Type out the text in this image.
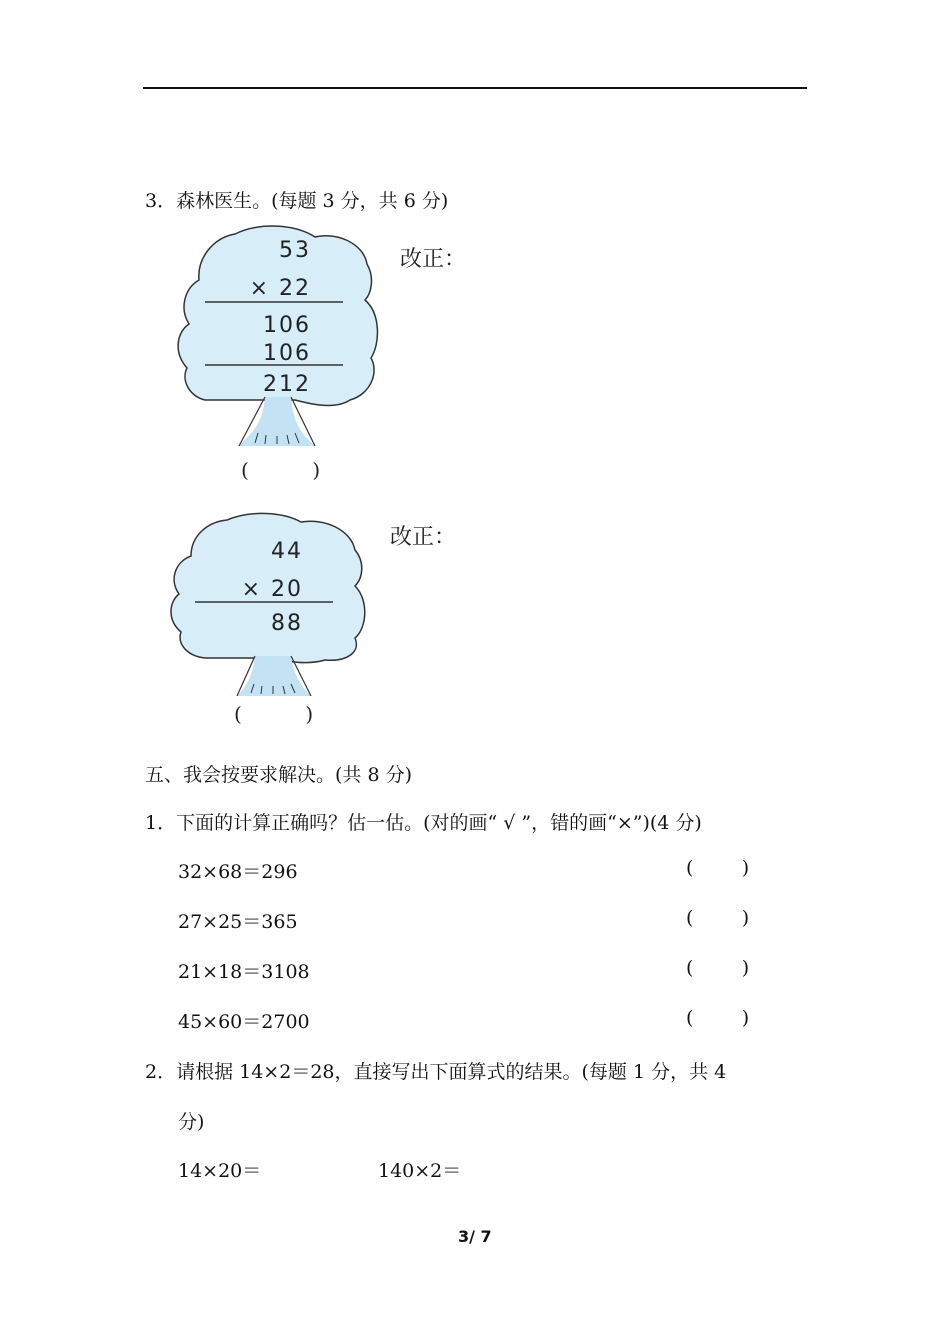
3．森林医生。(每题 3 分，共 6 分)
53
× 22
106
106
212
改正：
(          )
44
× 20
88
改正：
(          )
五、我会按要求解决。(共 8 分)
1．下面的计算正确吗？估一估。(对的画“ √ ”，错的画“×”)(4 分)
32×68＝296	(        )
27×25＝365	(        )
21×18＝3108	(        )
45×60＝2700	(        )
2．请根据 14×2＝28，直接写出下面算式的结果。(每题 1 分，共 4
分)
14×20＝	140×2＝
3/ 7
